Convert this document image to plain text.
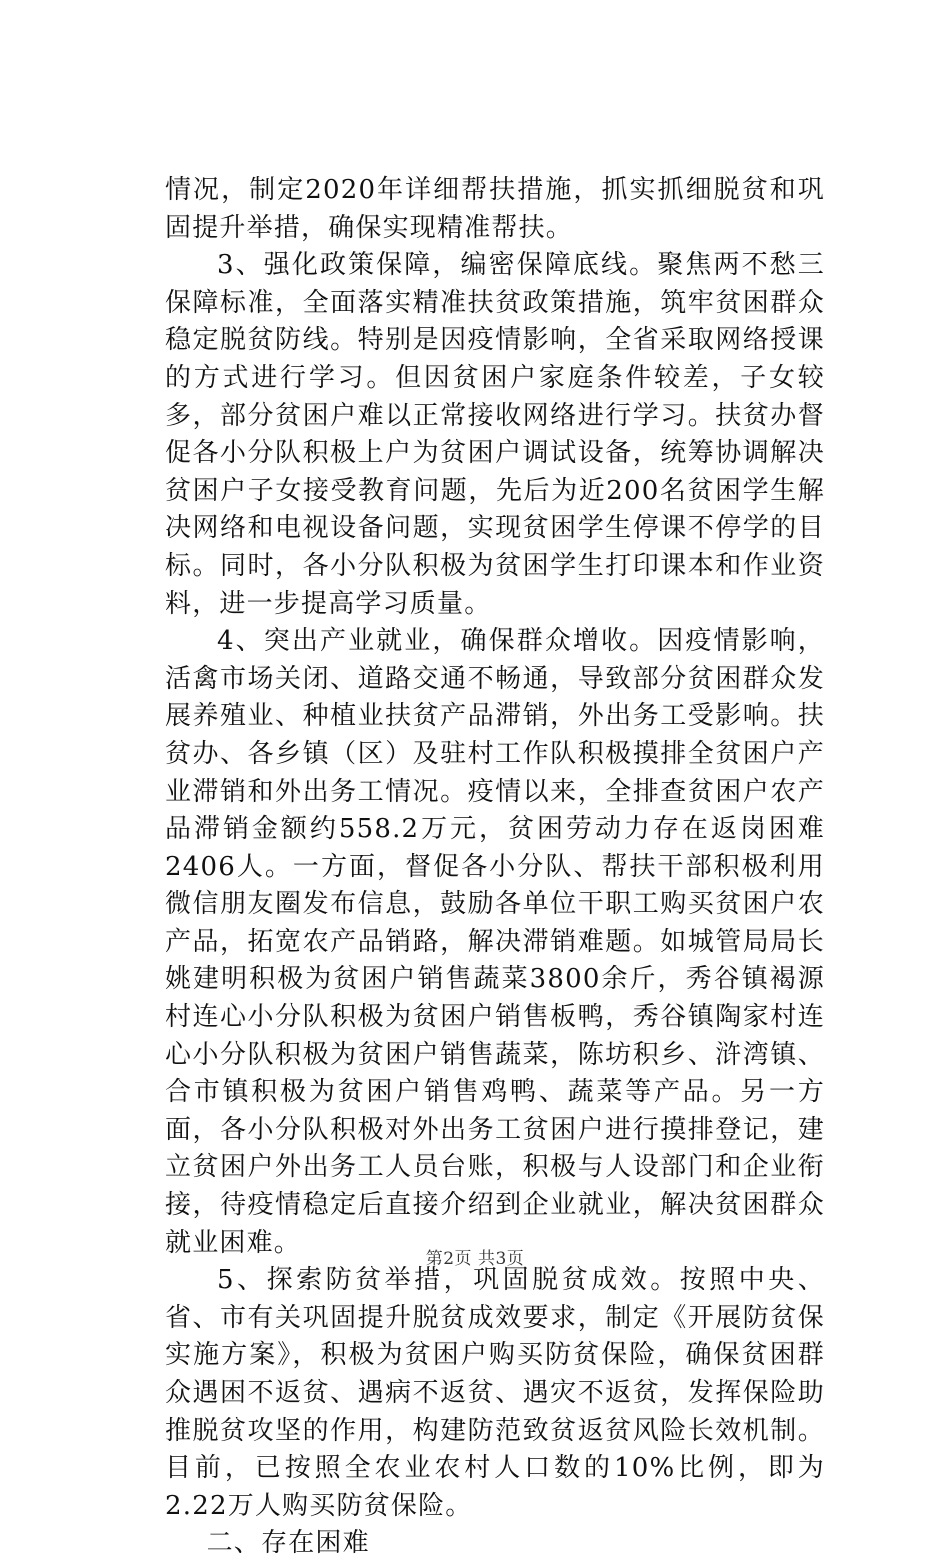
情况，制定2020年详细帮扶措施，抓实抓细脱贫和巩固提升举措，确保实现精准帮扶。

3、强化政策保障，编密保障底线。聚焦两不愁三保障标准，全面落实精准扶贫政策措施，筑牢贫困群众稳定脱贫防线。特别是因疫情影响，全省采取网络授课的方式进行学习。但因贫困户家庭条件较差，子女较多，部分贫困户难以正常接收网络进行学习。扶贫办督促各小分队积极上户为贫困户调试设备，统筹协调解决贫困户子女接受教育问题，先后为近200名贫困学生解决网络和电视设备问题，实现贫困学生停课不停学的目标。同时，各小分队积极为贫困学生打印课本和作业资料，进一步提高学习质量。

4、突出产业就业，确保群众增收。因疫情影响，活禽市场关闭、道路交通不畅通，导致部分贫困群众发展养殖业、种植业扶贫产品滞销，外出务工受影响。扶贫办、各乡镇（区）及驻村工作队积极摸排全贫困户产业滞销和外出务工情况。疫情以来，全排查贫困户农产品滞销金额约558.2万元，贫困劳动力存在返岗困难2406人。一方面，督促各小分队、帮扶干部积极利用微信朋友圈发布信息，鼓励各单位干职工购买贫困户农产品，拓宽农产品销路，解决滞销难题。如城管局局长姚建明积极为贫困户销售蔬菜3800余斤，秀谷镇褐源村连心小分队积极为贫困户销售板鸭，秀谷镇陶家村连心小分队积极为贫困户销售蔬菜，陈坊积乡、浒湾镇、合市镇积极为贫困户销售鸡鸭、蔬菜等产品。另一方面，各小分队积极对外出务工贫困户进行摸排登记，建立贫困户外出务工人员台账，积极与人设部门和企业衔接，待疫情稳定后直接介绍到企业就业，解决贫困群众就业困难。

5、探索防贫举措，巩固脱贫成效。按照中央、省、市有关巩固提升脱贫成效要求，制定《开展防贫保实施方案》，积极为贫困户购买防贫保险，确保贫困群众遇困不返贫、遇病不返贫、遇灾不返贫，发挥保险助推脱贫攻坚的作用，构建防范致贫返贫风险长效机制。目前，已按照全农业农村人口数的10%比例，即为2.22万人购买防贫保险。

二、存在困难

第2页 共3页
